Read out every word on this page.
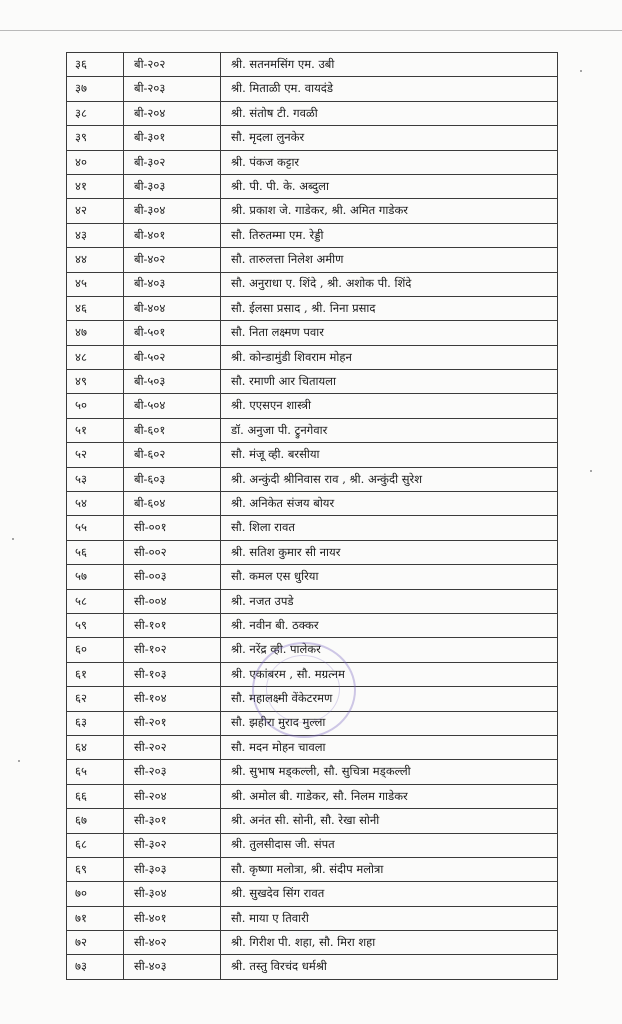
३६	बी-२०२	श्री. सतनमसिंग एम. उबी
३७	बी-२०३	श्री. मिताळी एम. वायदंडे
३८	बी-२०४	श्री. संतोष टी. गवळी
३९	बी-३०१	सौ. मृदला लुनकेर
४०	बी-३०२	श्री. पंकज कट्टार
४१	बी-३०३	श्री. पी. पी. के. अब्दुला
४२	बी-३०४	श्री. प्रकाश जे. गाडेकर, श्री. अमित गाडेकर
४३	बी-४०१	सौ. तिरुतम्मा एम. रेड्डी
४४	बी-४०२	सौ. तारुलत्ता निलेश अमीण
४५	बी-४०३	सौ. अनुराधा ए. शिंदे , श्री. अशोक पी. शिंदे
४६	बी-४०४	सौ. ईलसा प्रसाद , श्री. निना प्रसाद
४७	बी-५०१	सौ. निता लक्ष्मण पवार
४८	बी-५०२	श्री. कोन्डामुंडी शिवराम मोहन
४९	बी-५०३	सौ. रमाणी आर चितायला
५०	बी-५०४	श्री. एएसएन शास्त्री
५१	बी-६०१	डॉ. अनुजा पी. ट्रुनगेवार
५२	बी-६०२	सौ. मंजू व्ही. बरसीया
५३	बी-६०३	श्री. अन्कुंदी श्रीनिवास राव , श्री. अन्कुंदी सुरेश
५४	बी-६०४	श्री. अनिकेत संजय बोयर
५५	सी-००१	सौ. शिला रावत
५६	सी-००२	श्री. सतिश कुमार सी नायर
५७	सी-००३	सौ. कमल एस धुरिया
५८	सी-००४	श्री. नजत उपडे
५९	सी-१०१	श्री. नवीन बी. ठक्कर
६०	सी-१०२	श्री. नरेंद्र व्ही. पालेकर
६१	सी-१०३	श्री. एकांबरम , सौ. मग्रत्नम
६२	सी-१०४	सौ. महालक्ष्मी वेंकेटरमण
६३	सी-२०१	सौ. झहीरा मुराद मुल्ला
६४	सी-२०२	सौ. मदन मोहन चावला
६५	सी-२०३	श्री. सुभाष मड्कल्ली, सौ. सुचित्रा मड्कल्ली
६६	सी-२०४	श्री. अमोल बी. गाडेकर, सौ. निलम गाडेकर
६७	सी-३०१	श्री. अनंत सी. सोनी, सौ. रेखा सोनी
६८	सी-३०२	श्री. तुलसीदास जी. संपत
६९	सी-३०३	सौ. कृष्णा मलोत्रा, श्री. संदीप मलोत्रा
७०	सी-३०४	श्री. सुखदेव सिंग रावत
७१	सी-४०१	सौ. माया ए तिवारी
७२	सी-४०२	श्री. गिरीश पी. शहा, सौ. मिरा शहा
७३	सी-४०३	श्री. तस्तु विरचंद धर्मश्री
